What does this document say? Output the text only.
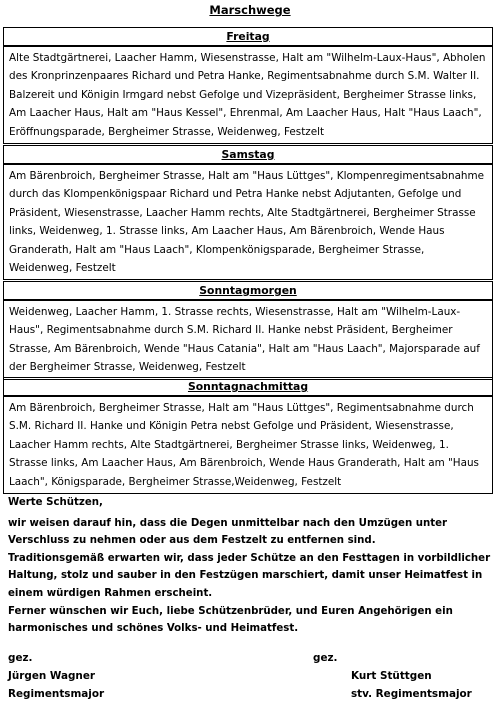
Marschwege
Freitag
Alte Stadtgärtnerei, Laacher Hamm, Wiesenstrasse, Halt am "Wilhelm-Laux-Haus", Abholen des Kronprinzenpaares Richard und Petra Hanke, Regimentsabnahme durch S.M. Walter II. Balzereit und Königin Irmgard nebst Gefolge und Vizepräsident, Bergheimer Strasse links, Am Laacher Haus, Halt am "Haus Kessel", Ehrenmal, Am Laacher Haus, Halt "Haus Laach", Eröffnungsparade, Bergheimer Strasse, Weidenweg, Festzelt
Samstag
Am Bärenbroich, Bergheimer Strasse, Halt am "Haus Lüttges", Klompenregimentsabnahme durch das Klompenkönigspaar Richard und Petra Hanke nebst Adjutanten, Gefolge und Präsident, Wiesenstrasse, Laacher Hamm rechts, Alte Stadtgärtnerei, Bergheimer Strasse links, Weidenweg, 1. Strasse links, Am Laacher Haus, Am Bärenbroich, Wende Haus Granderath, Halt am "Haus Laach", Klompenkönigsparade, Bergheimer Strasse, Weidenweg, Festzelt
Sonntagmorgen
Weidenweg, Laacher Hamm, 1. Strasse rechts, Wiesenstrasse, Halt am "Wilhelm-Laux-Haus", Regimentsabnahme durch S.M. Richard II. Hanke nebst Präsident, Bergheimer Strasse, Am Bärenbroich, Wende "Haus Catania", Halt am "Haus Laach", Majorsparade auf der Bergheimer Strasse, Weidenweg, Festzelt
Sonntagnachmittag
Am Bärenbroich, Bergheimer Strasse, Halt am "Haus Lüttges", Regimentsabnahme durch S.M. Richard II. Hanke und Königin Petra nebst Gefolge und Präsident, Wiesenstrasse, Laacher Hamm rechts, Alte Stadtgärtnerei, Bergheimer Strasse links, Weidenweg, 1. Strasse links, Am Laacher Haus, Am Bärenbroich, Wende Haus Granderath, Halt am "Haus Laach", Königsparade, Bergheimer Strasse,Weidenweg, Festzelt

Werte Schützen,

wir weisen darauf hin, dass die Degen unmittelbar nach den Umzügen unter Verschluss zu nehmen oder aus dem Festzelt zu entfernen sind.

Traditionsgemäß erwarten wir, dass jeder Schütze an den Festtagen in vorbildlicher Haltung, stolz und sauber in den Festzügen marschiert, damit unser Heimatfest in einem würdigen Rahmen erscheint.

Ferner wünschen wir Euch, liebe Schützenbrüder, und Euren Angehörigen ein harmonisches und schönes Volks- und Heimatfest.

gez.
Jürgen Wagner
Regimentsmajor
gez.
Kurt Stüttgen
stv. Regimentsmajor
